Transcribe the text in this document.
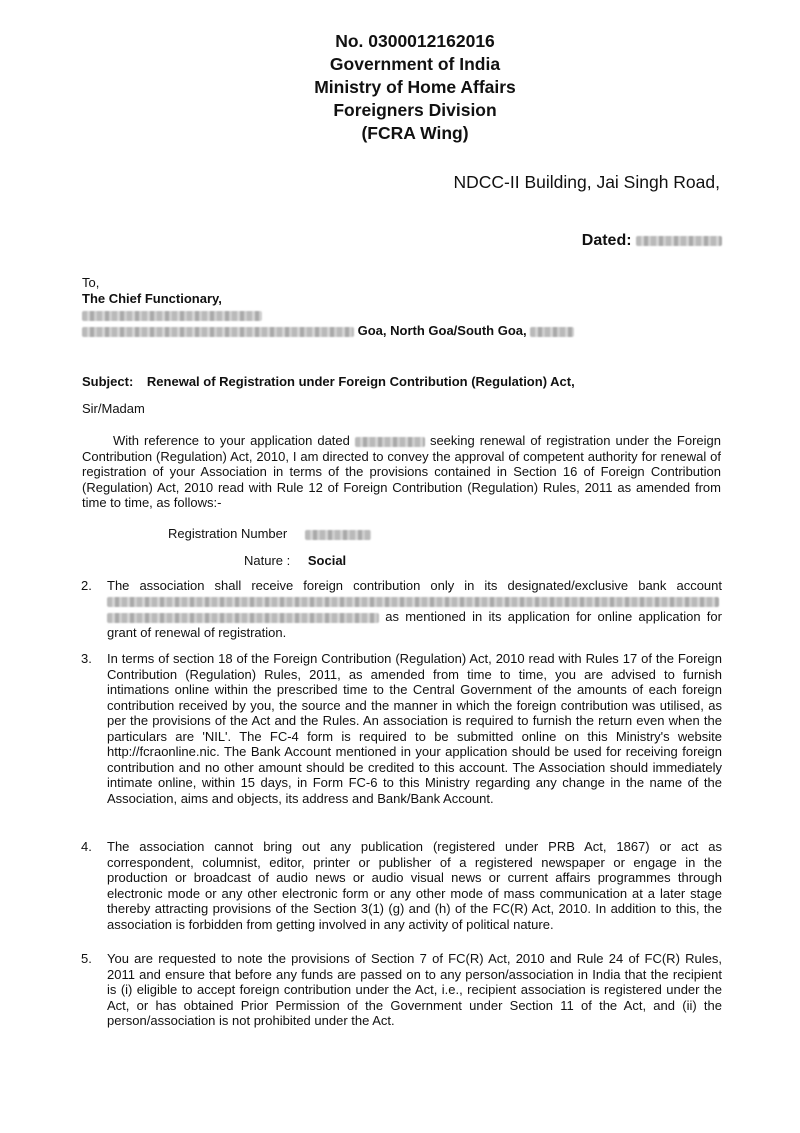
No. 0300012162016
Government of India
Ministry of Home Affairs
Foreigners Division
(FCRA Wing)
NDCC-II Building, Jai Singh Road,
Dated:
To,
The Chief Functionary,
Goa, North Goa/South Goa,
Subject: Renewal of Registration under Foreign Contribution (Regulation) Act,
Sir/Madam
With reference to your application dated	seeking renewal of registration under the Foreign Contribution (Regulation) Act, 2010, I am directed to convey the approval of competent authority for renewal of registration of your Association in terms of the provisions contained in Section 16 of Foreign Contribution (Regulation) Act, 2010 read with Rule 12 of Foreign Contribution (Regulation) Rules, 2011 as amended from time to time, as follows:-
Registration Number
Nature : Social
2. The association shall receive foreign contribution only in its designated/exclusive bank account   as mentioned in its application for online application for grant of renewal of registration.
3. In terms of section 18 of the Foreign Contribution (Regulation) Act, 2010 read with Rules 17 of the Foreign Contribution (Regulation) Rules, 2011, as amended from time to time, you are advised to furnish intimations online within the prescribed time to the Central Government of the amounts of each foreign contribution received by you, the source and the manner in which the foreign contribution was utilised, as per the provisions of the Act and the Rules. An association is required to furnish the return even when the particulars are 'NIL'. The FC-4 form is required to be submitted online on this Ministry's website http://fcraonline.nic. The Bank Account mentioned in your application should be used for receiving foreign contribution and no other amount should be credited to this account. The Association should immediately intimate online, within 15 days, in Form FC-6 to this Ministry regarding any change in the name of the Association, aims and objects, its address and Bank/Bank Account.
4. The association cannot bring out any publication (registered under PRB Act, 1867) or act as correspondent, columnist, editor, printer or publisher of a registered newspaper or engage in the production or broadcast of audio news or audio visual news or current affairs programmes through electronic mode or any other electronic form or any other mode of mass communication at a later stage thereby attracting provisions of the Section 3(1) (g) and (h) of the FC(R) Act, 2010. In addition to this, the association is forbidden from getting involved in any activity of political nature.
5. You are requested to note the provisions of Section 7 of FC(R) Act, 2010 and Rule 24 of FC(R) Rules, 2011 and ensure that before any funds are passed on to any person/association in India that the recipient is (i) eligible to accept foreign contribution under the Act, i.e., recipient association is registered under the Act, or has obtained Prior Permission of the Government under Section 11 of the Act, and (ii) the person/association is not prohibited under the Act.
